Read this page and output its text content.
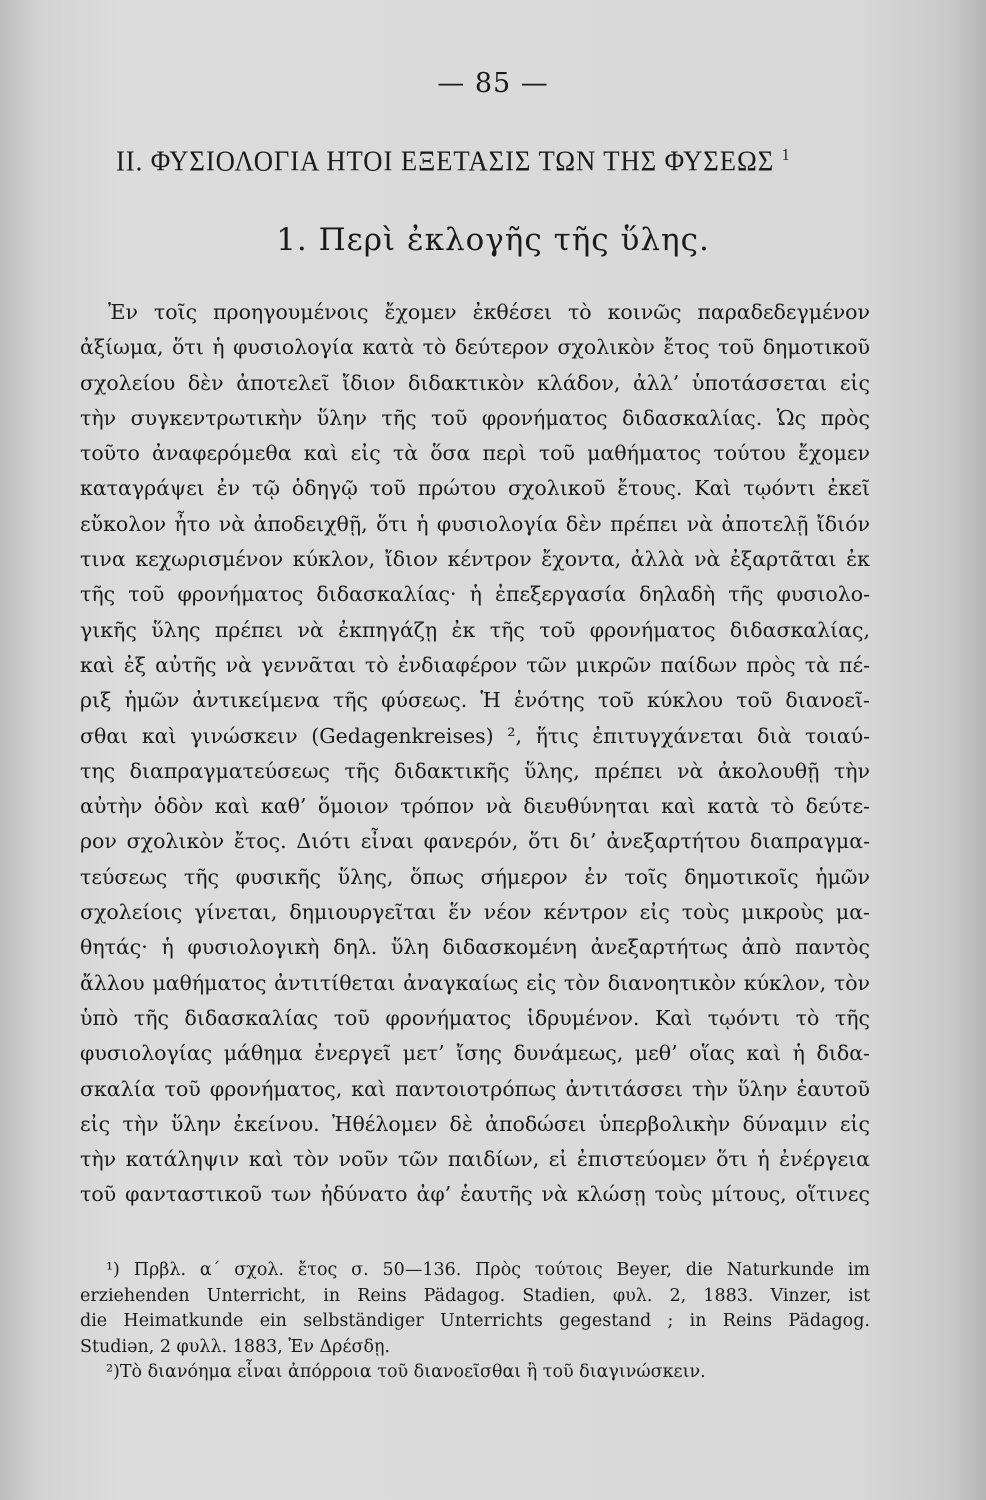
— 85 —
II. ΦΥΣΙΟΛΟΓΙΑ ΗΤΟΙ ΕΞΕΤΑΣΙΣ ΤΩΝ ΤΗΣ ΦΥΣΕΩΣ $^1$
1. Περὶ ἐκλογῆς τῆς ὕλης.
Ἐν τοῖς προηγουμένοις ἔχομεν ἐκθέσει τὸ κοινῶς παραδεδεγμένον
ἀξίωμα, ὅτι ἡ φυσιολογία κατὰ τὸ δεύτερον σχολικὸν ἔτος τοῦ δημοτικοῦ
σχολείου δὲν ἀποτελεῖ ἴδιον διδακτικὸν κλάδον, ἀλλ’ ὑποτάσσεται εἰς
τὴν συγκεντρωτικὴν ὕλην τῆς τοῦ φρονήματος διδασκαλίας. Ὡς πρὸς
τοῦτο ἀναφερόμεθα καὶ εἰς τὰ ὅσα περὶ τοῦ μαθήματος τούτου ἔχομεν
καταγράψει ἐν τῷ ὁδηγῷ τοῦ πρώτου σχολικοῦ ἔτους. Καὶ τῳόντι ἐκεῖ
εὔκολον ἦτο νὰ ἀποδειχθῇ, ὅτι ἡ φυσιολογία δὲν πρέπει νὰ ἀποτελῇ ἴδιόν
τινα κεχωρισμένον κύκλον, ἴδιον κέντρον ἔχοντα, ἀλλὰ νὰ ἐξαρτᾶται ἐκ
τῆς τοῦ φρονήματος διδασκαλίας· ἡ ἐπεξεργασία δηλαδὴ τῆς φυσιολο-
γικῆς ὕλης πρέπει νὰ ἐκπηγάζῃ ἐκ τῆς τοῦ φρονήματος διδασκαλίας,
καὶ ἐξ αὐτῆς νὰ γεννᾶται τὸ ἐνδιαφέρον τῶν μικρῶν παίδων πρὸς τὰ πέ-
ριξ ἡμῶν ἀντικείμενα τῆς φύσεως. Ἡ ἑνότης τοῦ κύκλου τοῦ διανοεῖ-
σθαι καὶ γινώσκειν (Gedagenkreises) ², ἥτις ἐπιτυγχάνεται διὰ τοιαύ-
της διαπραγματεύσεως τῆς διδακτικῆς ὕλης, πρέπει νὰ ἀκολουθῇ τὴν
αὐτὴν ὁδὸν καὶ καθ’ ὅμοιον τρόπον νὰ διευθύνηται καὶ κατὰ τὸ δεύτε-
ρον σχολικὸν ἔτος. Διότι εἶναι φανερόν, ὅτι δι’ ἀνεξαρτήτου διαπραγμα-
τεύσεως τῆς φυσικῆς ὕλης, ὅπως σήμερον ἐν τοῖς δημοτικοῖς ἡμῶν
σχολείοις γίνεται, δημιουργεῖται ἕν νέον κέντρον εἰς τοὺς μικροὺς μα-
θητάς· ἡ φυσιολογικὴ δηλ. ὕλη διδασκομένη ἀνεξαρτήτως ἀπὸ παντὸς
ἄλλου μαθήματος ἀντιτίθεται ἀναγκαίως εἰς τὸν διανοητικὸν κύκλον, τὸν
ὑπὸ τῆς διδασκαλίας τοῦ φρονήματος ἱδρυμένον. Καὶ τῳόντι τὸ τῆς
φυσιολογίας μάθημα ἐνεργεῖ μετ’ ἴσης δυνάμεως, μεθ’ οἵας καὶ ἡ διδα-
σκαλία τοῦ φρονήματος, καὶ παντοιοτρόπως ἀντιτάσσει τὴν ὕλην ἑαυτοῦ
εἰς τὴν ὕλην ἐκείνου. Ἠθέλομεν δὲ ἀποδώσει ὑπερβολικὴν δύναμιν εἰς
τὴν κατάληψιν καὶ τὸν νοῦν τῶν παιδίων, εἰ ἐπιστεύομεν ὅτι ἡ ἐνέργεια
τοῦ φανταστικοῦ των ἠδύνατο ἀφ’ ἑαυτῆς νὰ κλώσῃ τοὺς μίτους, οἵτινες
¹) Πρβλ. α΄ σχολ. ἔτος σ. 50—136. Πρὸς τούτοις Beyer, die Naturkunde im
erziehenden Unterricht, in Reins Pädagog. Stadien, φυλ. 2, 1883. Vinzer, ist
die Heimatkunde ein selbständiger Unterrichts gegestand ; in Reins Pädagog.
Studiən, 2 φυλλ. 1883, Ἐν Δρέσδῃ.
²)Τὸ διανόημα εἶναι ἀπόρροια τοῦ διανοεῖσθαι ἢ τοῦ διαγινώσκειν.
